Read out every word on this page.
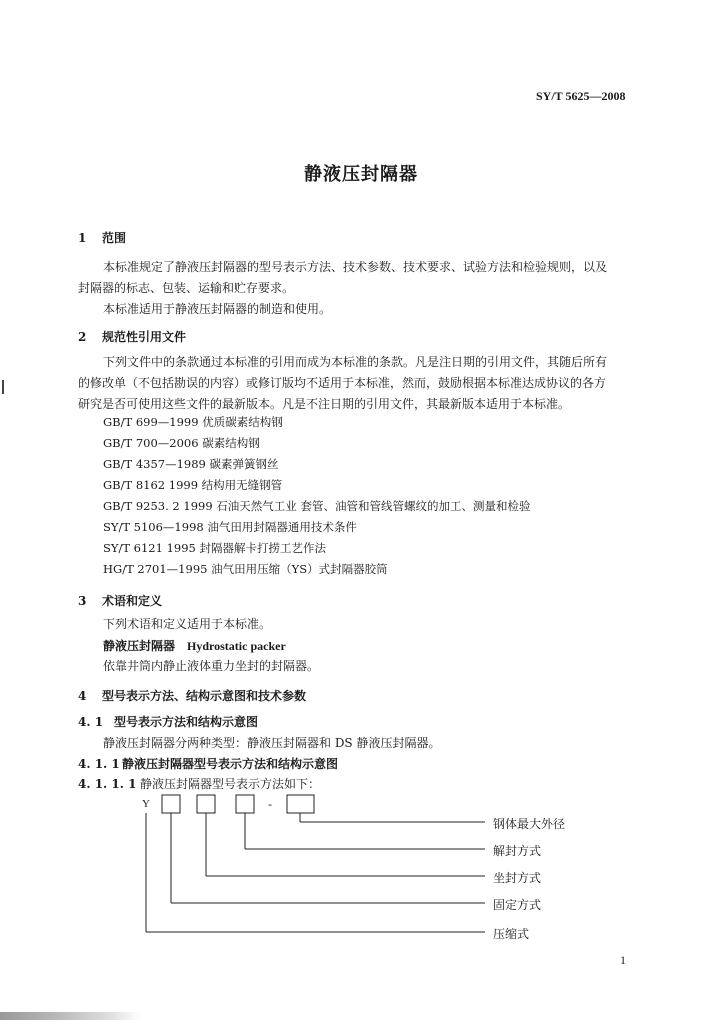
SY/T 5625—2008
静液压封隔器
1 范围
本标准规定了静液压封隔器的型号表示方法、技术参数、技术要求、试验方法和检验规则，以及
封隔器的标志、包装、运输和贮存要求。
本标准适用于静液压封隔器的制造和使用。
2 规范性引用文件
下列文件中的条款通过本标准的引用而成为本标准的条款。凡是注日期的引用文件，其随后所有
的修改单（不包括勘误的内容）或修订版均不适用于本标准，然而，鼓励根据本标准达成协议的各方
研究是否可使用这些文件的最新版本。凡是不注日期的引用文件，其最新版本适用于本标准。
GB/T 699—1999 优质碳素结构钢
GB/T 700—2006 碳素结构钢
GB/T 4357—1989 碳素弹簧钢丝
GB/T 8162 1999 结构用无缝钢管
GB/T 9253. 2 1999 石油天然气工业 套管、油管和管线管螺纹的加工、测量和检验
SY/T 5106—1998 油气田用封隔器通用技术条件
SY/T 6121 1995 封隔器解卡打捞工艺作法
HG/T 2701—1995 油气田用压缩（YS）式封隔器胶筒
3 术语和定义
下列术语和定义适用于本标准。
静液压封隔器 Hydrostatic packer
依靠井筒内静止液体重力坐封的封隔器。
4 型号表示方法、结构示意图和技术参数
4. 1 型号表示方法和结构示意图
静液压封隔器分两种类型：静液压封隔器和 DS 静液压封隔器。
4. 1. 1 静液压封隔器型号表示方法和结构示意图
4. 1. 1. 1 静液压封隔器型号表示方法如下：
Y	-
钢体最大外径
解封方式
坐封方式
固定方式
压缩式
1
